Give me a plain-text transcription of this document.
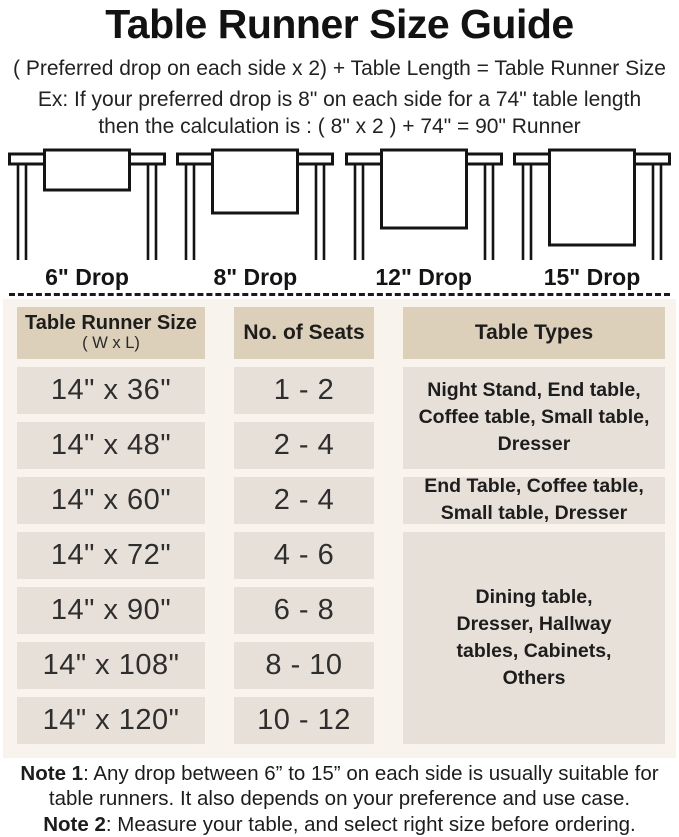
Table Runner Size Guide
( Preferred drop on each side x 2) + Table Length = Table Runner Size
Ex: If your preferred drop is 8" on each side for a 74" table length
then the calculation is : ( 8" x 2 ) + 74" = 90" Runner
6" Drop	8" Drop	12" Drop	15" Drop
Table Runner Size
( W x L)	No. of Seats	Table Types
14" x 36"	1 - 2	Night Stand, End table, Coffee table, Small table, Dresser
14" x 48"	2 - 4
14" x 60"	2 - 4	End Table, Coffee table, Small table, Dresser
14" x 72"	4 - 6
Dining table, Dresser, Hallway tables, Cabinets, Others
14" x 90"	6 - 8
14" x 108"	8 - 10
14" x 120"	10 - 12

Note 1: Any drop between 6” to 15” on each side is usually suitable for table runners. It also depends on your preference and use case.

Note 2: Measure your table, and select right size before ordering.
